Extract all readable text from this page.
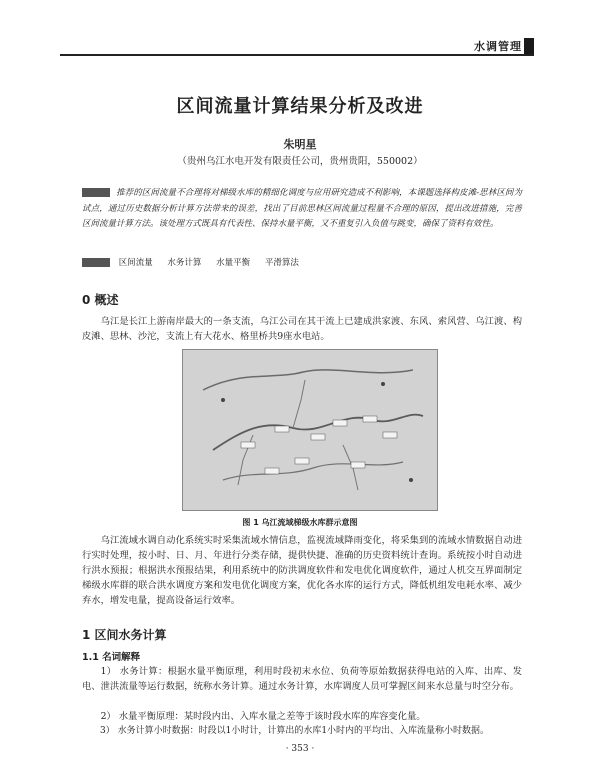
水调管理
区间流量计算结果分析及改进
朱明星
（贵州乌江水电开发有限责任公司，贵州贵阳，550002）
推荐的区间流量不合理将对梯级水库的精细化调度与应用研究造成不利影响，本课题选择构皮滩-思林区间为试点，通过历史数据分析计算方法带来的误差，找出了目前思林区间流量过程量不合理的原因，提出改进措施，完善区间流量计算方法。该处理方式既具有代表性、保持水量平衡，又不重复引入负值与跳变，确保了资料有效性。
区间流量 水务计算 水量平衡 平滑算法
0 概述
乌江是长江上游南岸最大的一条支流，乌江公司在其干流上已建成洪家渡、东风、索风营、乌江渡、构皮滩、思林、沙沱，支流上有大花水、格里桥共9座水电站。
图 1 乌江流域梯级水库群示意图
乌江流域水调自动化系统实时采集流域水情信息，监视流域降雨变化，将采集到的流域水情数据自动进行实时处理，按小时、日、月、年进行分类存储，提供快捷、准确的历史资料统计查询。系统按小时自动进行洪水预报；根据洪水预报结果，利用系统中的防洪调度软件和发电优化调度软件，通过人机交互界面制定梯级水库群的联合洪水调度方案和发电优化调度方案，优化各水库的运行方式，降低机组发电耗水率、减少弃水，增发电量，提高设备运行效率。
1 区间水务计算
1.1 名词解释
1） 水务计算：根据水量平衡原理，利用时段初末水位、负荷等原始数据获得电站的入库、出库、发电、泄洪流量等运行数据，统称水务计算。通过水务计算，水库调度人员可掌握区间来水总量与时空分布。
2） 水量平衡原理：某时段内出、入库水量之差等于该时段水库的库容变化量。
3） 水务计算小时数据：时段以1小时计，计算出的水库1小时内的平均出、入库流量称小时数据。
· 353 ·
